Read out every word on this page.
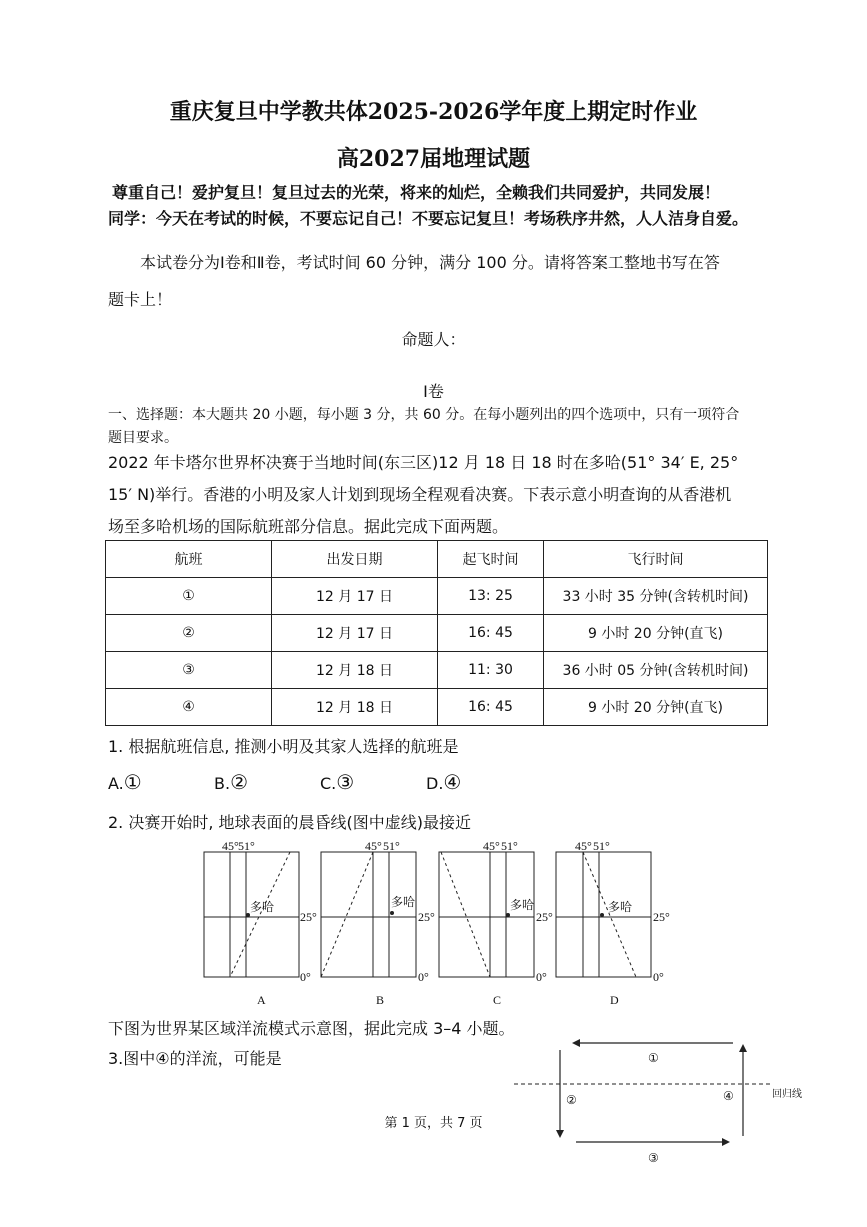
重庆复旦中学教共体2025-2026学年度上期定时作业
高2027届地理试题
尊重自己！爱护复旦！复旦过去的光荣，将来的灿烂，全赖我们共同爱护，共同发展！
同学：今天在考试的时候，不要忘记自己！不要忘记复旦！考场秩序井然，人人洁身自爱。
本试卷分为Ⅰ卷和Ⅱ卷，考试时间 60 分钟，满分 100 分。请将答案工整地书写在答
题卡上！
命题人：
Ⅰ卷
一、选择题：本大题共 20 小题，每小题 3 分，共 60 分。在每小题列出的四个选项中，只有一项符合
题目要求。
2022 年卡塔尔世界杯决赛于当地时间(东三区)12 月 18 日 18 时在多哈(51° 34′ E, 25°
15′ N)举行。香港的小明及家人计划到现场全程观看决赛。下表示意小明查询的从香港机
场至多哈机场的国际航班部分信息。据此完成下面两题。
航班	出发日期	起飞时间	飞行时间
①	12 月 17 日	13: 25	33 小时 35 分钟(含转机时间)
②	12 月 17 日	16: 45	9 小时 20 分钟(直飞)
③	12 月 18 日	11: 30	36 小时 05 分钟(含转机时间)
④	12 月 18 日	16: 45	9 小时 20 分钟(直飞)
1. 根据航班信息, 推测小明及其家人选择的航班是
A.①	B.②	C.③	D.④
2. 决赛开始时, 地球表面的晨昏线(图中虚线)最接近
45° 51°	45° 51°	45° 51°	45° 51°
多哈	多哈	多哈	多哈
25°
0°
25°
0°
25°
0°
25°
0°
A	B	C	D
下图为世界某区域洋流模式示意图，据此完成 3–4 小题。
3.图中④的洋流，可能是	①
②
③
④	回归线
第 1 页，共 7 页
